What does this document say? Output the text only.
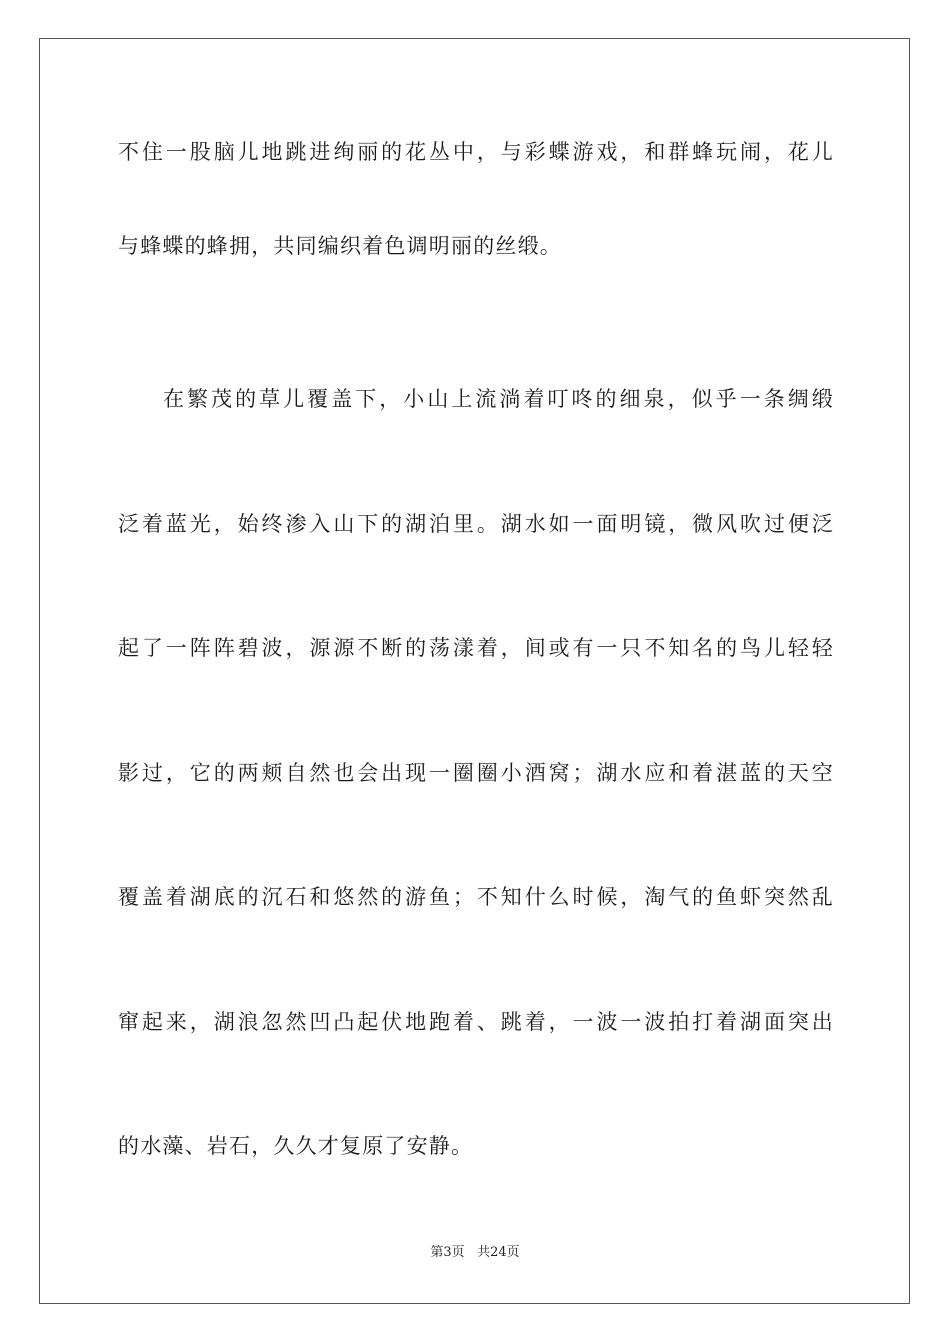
不住一股脑儿地跳进绚丽的花丛中，与彩蝶游戏，和群蜂玩闹，花儿
与蜂蝶的蜂拥，共同编织着色调明丽的丝缎。
在繁茂的草儿覆盖下，小山上流淌着叮咚的细泉，似乎一条绸缎
泛着蓝光，始终渗入山下的湖泊里。湖水如一面明镜，微风吹过便泛
起了一阵阵碧波，源源不断的荡漾着，间或有一只不知名的鸟儿轻轻
影过，它的两颊自然也会出现一圈圈小酒窝；湖水应和着湛蓝的天空
覆盖着湖底的沉石和悠然的游鱼；不知什么时候，淘气的鱼虾突然乱
窜起来，湖浪忽然凹凸起伏地跑着、跳着，一波一波拍打着湖面突出
的水藻、岩石，久久才复原了安静。
第3页 共24页
